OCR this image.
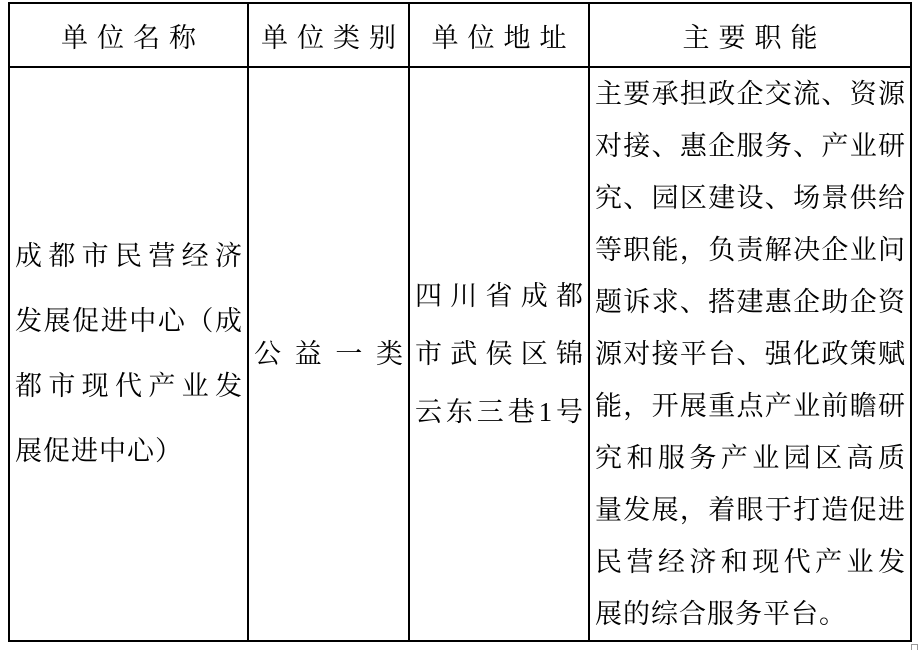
单位名称	单位类别	单位地址	主要职能

成都市民营经济
发展促进中心（成
都市现代产业发
展促进中心）

公益一类

四川省成都
市武侯区锦
云东三巷1号

主要承担政企交流、资源
对接、惠企服务、产业研
究、园区建设、场景供给
等职能，负责解决企业问
题诉求、搭建惠企助企资
源对接平台、强化政策赋
能，开展重点产业前瞻研
究和服务产业园区高质
量发展，着眼于打造促进
民营经济和现代产业发
展的综合服务平台。
